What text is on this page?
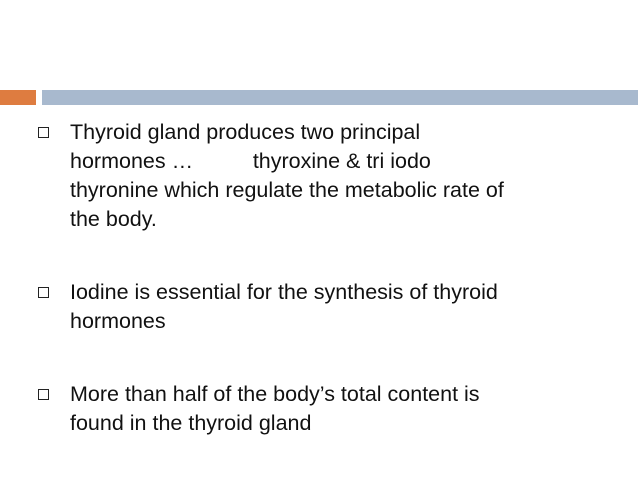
Thyroid gland produces two principal
hormones …          thyroxine & tri iodo
thyronine which regulate the metabolic rate of
the body.
Iodine is essential for the synthesis of thyroid
hormones
More than half of the body’s total content is
found in the thyroid gland
